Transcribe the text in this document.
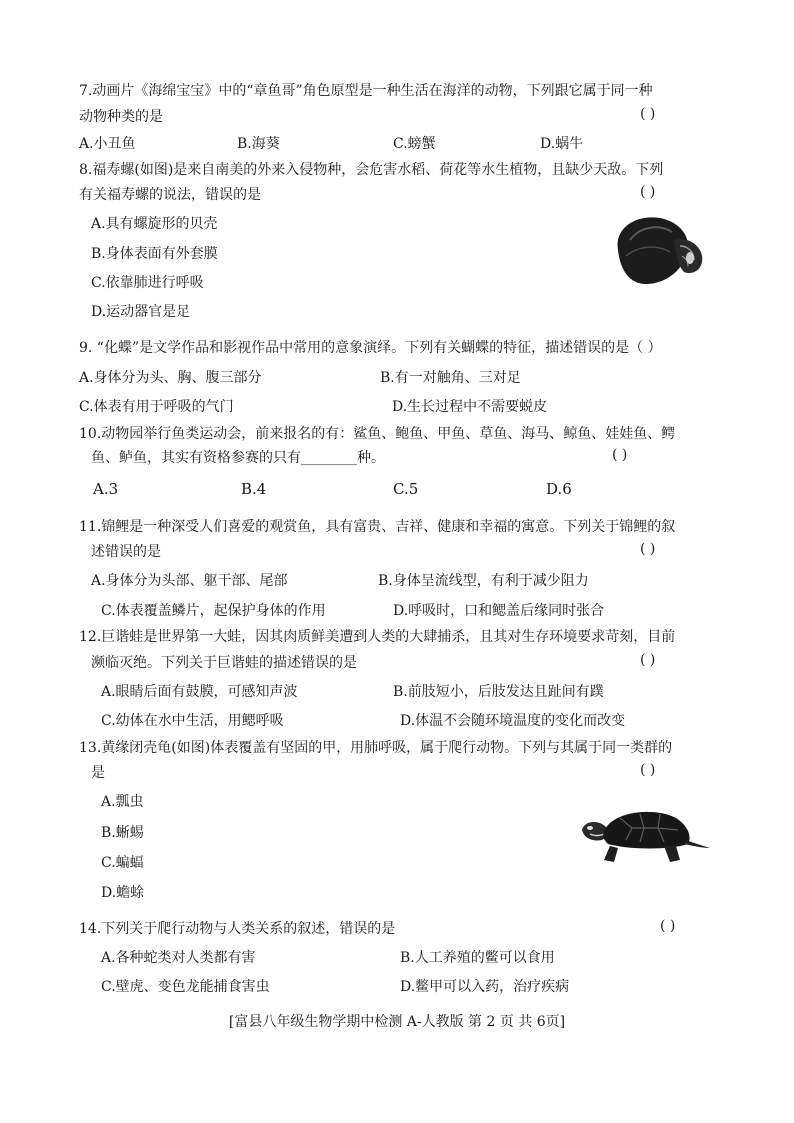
7.动画片《海绵宝宝》中的“章鱼哥”角色原型是一种生活在海洋的动物，下列跟它属于同一种
动物种类的是	( )
A.小丑鱼	B.海葵	C.螃蟹	D.蜗牛
8.福寿螺(如图)是来自南美的外来入侵物种，会危害水稻、荷花等水生植物，且缺少天敌。下列
有关福寿螺的说法，错误的是	( )
A.具有螺旋形的贝壳
B.身体表面有外套膜
C.依靠肺进行呼吸
D.运动器官是足
9. “化蝶”是文学作品和影视作品中常用的意象演绎。下列有关蝴蝶的特征，描述错误的是（ ）
A.身体分为头、胸、腹三部分	B.有一对触角、三对足
C.体表有用于呼吸的气门	D.生长过程中不需要蜕皮
10.动物园举行鱼类运动会，前来报名的有：鲨鱼、鲍鱼、甲鱼、草鱼、海马、鲸鱼、娃娃鱼、鳄
鱼、鲈鱼，其实有资格参赛的只有________种。	( )
A.3	B.4	C.5	D.6
11.锦鲤是一种深受人们喜爱的观赏鱼，具有富贵、吉祥、健康和幸福的寓意。下列关于锦鲤的叙
述错误的是	( )
A.身体分为头部、躯干部、尾部	B.身体呈流线型，有利于减少阻力
C.体表覆盖鳞片，起保护身体的作用	D.呼吸时，口和鳃盖后缘同时张合
12.巨谐蛙是世界第一大蛙，因其肉质鲜美遭到人类的大肆捕杀，且其对生存环境要求苛刻，目前
濒临灭绝。下列关于巨谐蛙的描述错误的是	( )
A.眼睛后面有鼓膜，可感知声波	B.前肢短小，后肢发达且趾间有蹼
C.幼体在水中生活，用鳃呼吸	D.体温不会随环境温度的变化而改变
13.黄缘闭壳龟(如图)体表覆盖有坚固的甲，用肺呼吸，属于爬行动物。下列与其属于同一类群的
是	( )
A.瓢虫
B.蜥蜴
C.蝙蝠
D.蟾蜍
14.下列关于爬行动物与人类关系的叙述，错误的是	( )
A.各种蛇类对人类都有害	B.人工养殖的鳖可以食用
C.壁虎、变色龙能捕食害虫	D.鳖甲可以入药，治疗疾病
[富县八年级生物学期中检测 A-人教版 第 2 页 共 6页]
